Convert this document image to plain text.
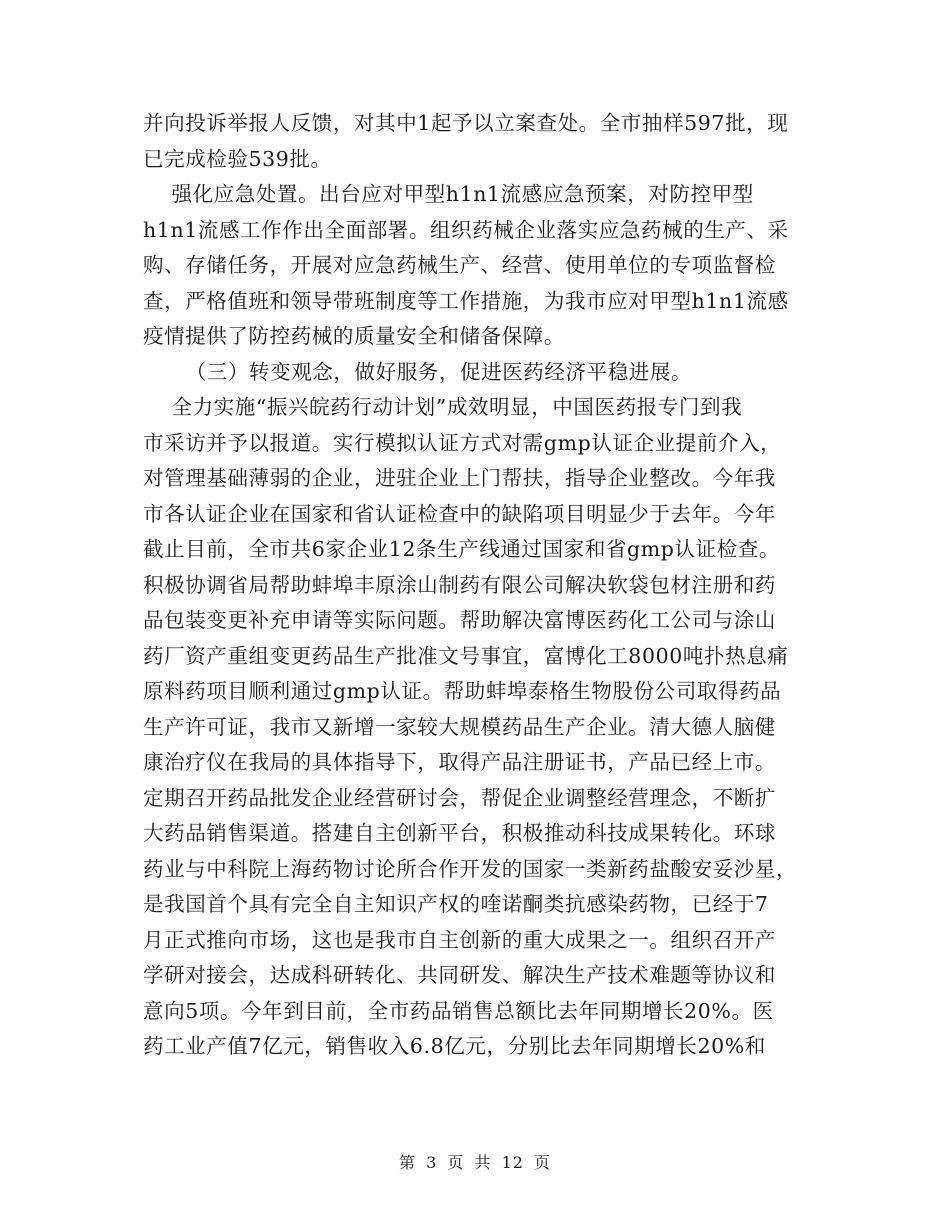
并向投诉举报人反馈，对其中1起予以立案查处。全市抽样597批，现
已完成检验539批。
强化应急处置。出台应对甲型h1n1流感应急预案，对防控甲型
h1n1流感工作作出全面部署。组织药械企业落实应急药械的生产、采
购、存储任务，开展对应急药械生产、经营、使用单位的专项监督检
查，严格值班和领导带班制度等工作措施，为我市应对甲型h1n1流感
疫情提供了防控药械的质量安全和储备保障。
（三）转变观念，做好服务，促进医药经济平稳进展。
全力实施“振兴皖药行动计划”成效明显，中国医药报专门到我
市采访并予以报道。实行模拟认证方式对需gmp认证企业提前介入，
对管理基础薄弱的企业，进驻企业上门帮扶，指导企业整改。今年我
市各认证企业在国家和省认证检查中的缺陷项目明显少于去年。今年
截止目前，全市共6家企业12条生产线通过国家和省gmp认证检查。
积极协调省局帮助蚌埠丰原涂山制药有限公司解决软袋包材注册和药
品包装变更补充申请等实际问题。帮助解决富博医药化工公司与涂山
药厂资产重组变更药品生产批准文号事宜，富博化工8000吨扑热息痛
原料药项目顺利通过gmp认证。帮助蚌埠泰格生物股份公司取得药品
生产许可证，我市又新增一家较大规模药品生产企业。清大德人脑健
康治疗仪在我局的具体指导下，取得产品注册证书，产品已经上市。
定期召开药品批发企业经营研讨会，帮促企业调整经营理念，不断扩
大药品销售渠道。搭建自主创新平台，积极推动科技成果转化。环球
药业与中科院上海药物讨论所合作开发的国家一类新药盐酸安妥沙星，
是我国首个具有完全自主知识产权的喹诺酮类抗感染药物，已经于7
月正式推向市场，这也是我市自主创新的重大成果之一。组织召开产
学研对接会，达成科研转化、共同研发、解决生产技术难题等协议和
意向5项。今年到目前，全市药品销售总额比去年同期增长20%。医
药工业产值7亿元，销售收入6.8亿元，分别比去年同期增长20%和
第 3 页 共 12 页
